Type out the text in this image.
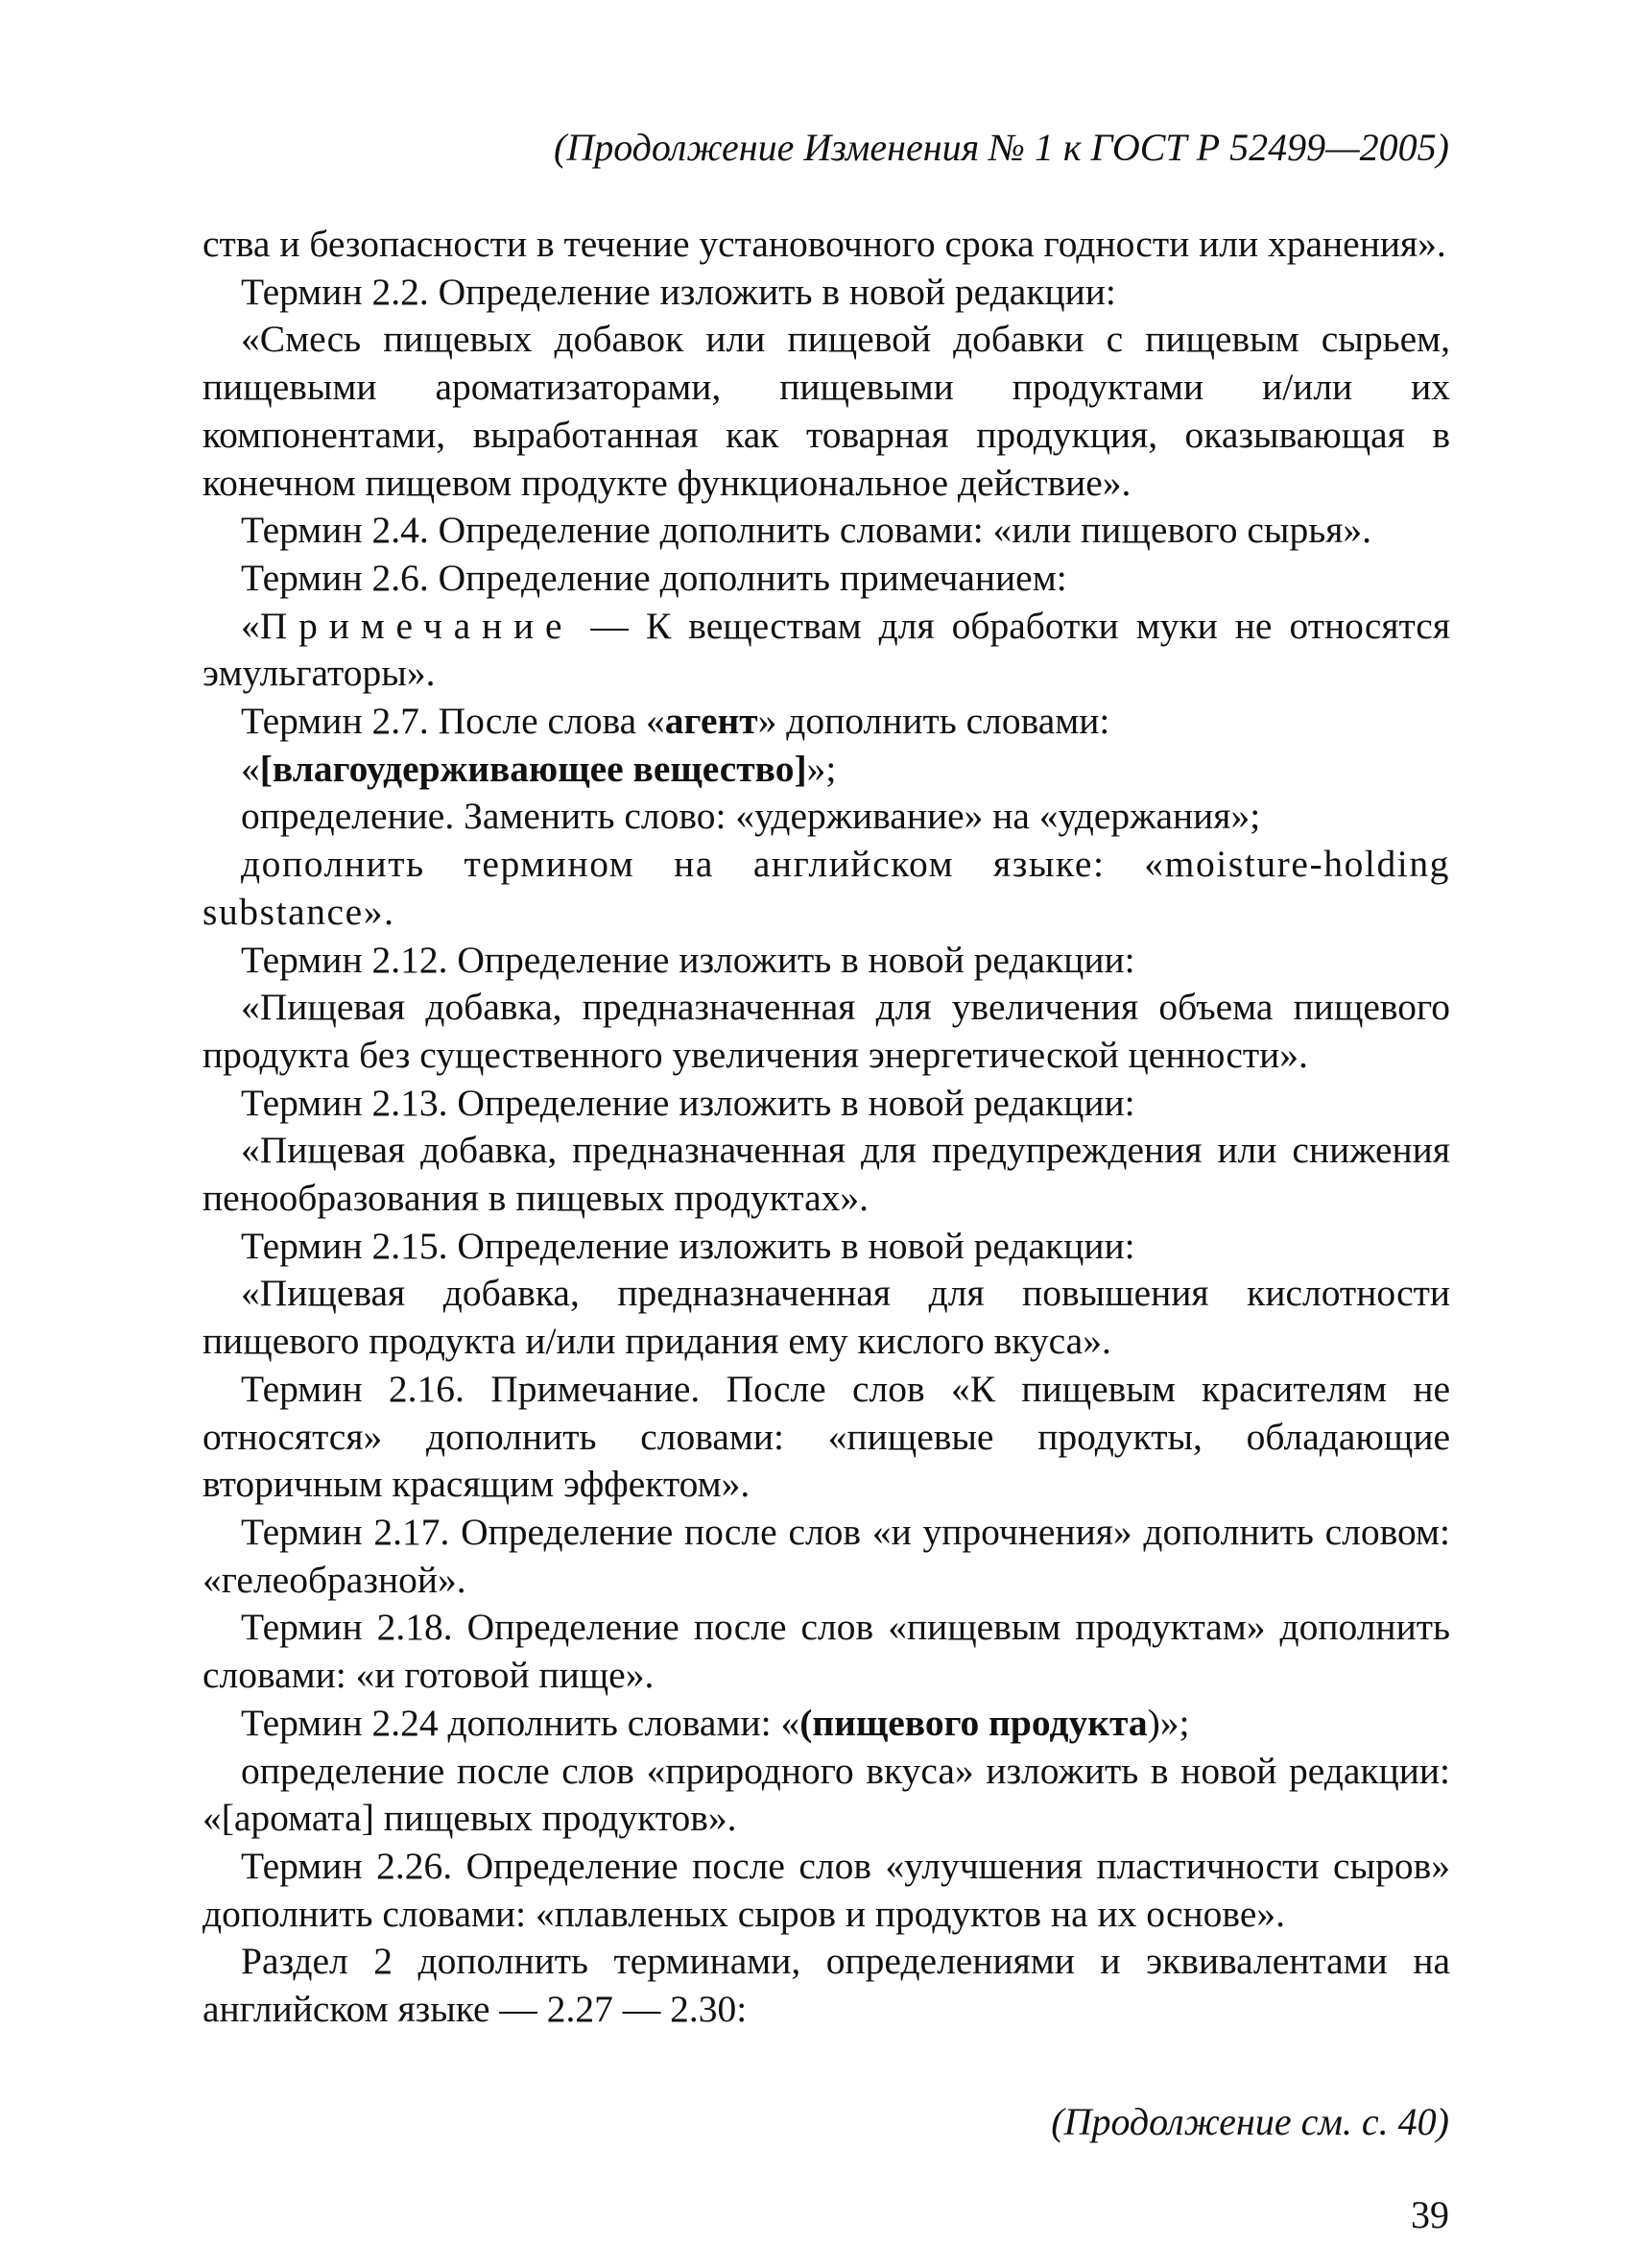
(Продолжение Изменения № 1 к ГОСТ Р 52499—2005)

ства и безопасности в течение установочного срока годности или хранения».

Термин 2.2. Определение изложить в новой редакции:

«Смесь пищевых добавок или пищевой добавки с пищевым сырьем, пищевыми ароматизаторами, пищевыми продуктами и/или их компонентами, выработанная как товарная продукция, оказывающая в конечном пищевом продукте функциональное действие».

Термин 2.4. Определение дополнить словами: «или пищевого сырья».

Термин 2.6. Определение дополнить примечанием:

«Примечание — К веществам для обработки муки не относятся эмульгаторы».

Термин 2.7. После слова «агент» дополнить словами:

«[влагоудерживающее вещество]»;

определение. Заменить слово: «удерживание» на «удержания»;

дополнить термином на английском языке: «moisture-holding substance».

Термин 2.12. Определение изложить в новой редакции:

«Пищевая добавка, предназначенная для увеличения объема пищевого продукта без существенного увеличения энергетической ценности».

Термин 2.13. Определение изложить в новой редакции:

«Пищевая добавка, предназначенная для предупреждения или снижения пенообразования в пищевых продуктах».

Термин 2.15. Определение изложить в новой редакции:

«Пищевая добавка, предназначенная для повышения кислотности пищевого продукта и/или придания ему кислого вкуса».

Термин 2.16. Примечание. После слов «К пищевым красителям не относятся» дополнить словами: «пищевые продукты, обладающие вторичным красящим эффектом».

Термин 2.17. Определение после слов «и упрочнения» дополнить словом: «гелеобразной».

Термин 2.18. Определение после слов «пищевым продуктам» дополнить словами: «и готовой пище».

Термин 2.24 дополнить словами: «(пищевого продукта)»;

определение после слов «природного вкуса» изложить в новой редакции: «[аромата] пищевых продуктов».

Термин 2.26. Определение после слов «улучшения пластичности сыров» дополнить словами: «плавленых сыров и продуктов на их основе».

Раздел 2 дополнить терминами, определениями и эквивалентами на английском языке — 2.27 — 2.30:

(Продолжение см. с. 40)
39
